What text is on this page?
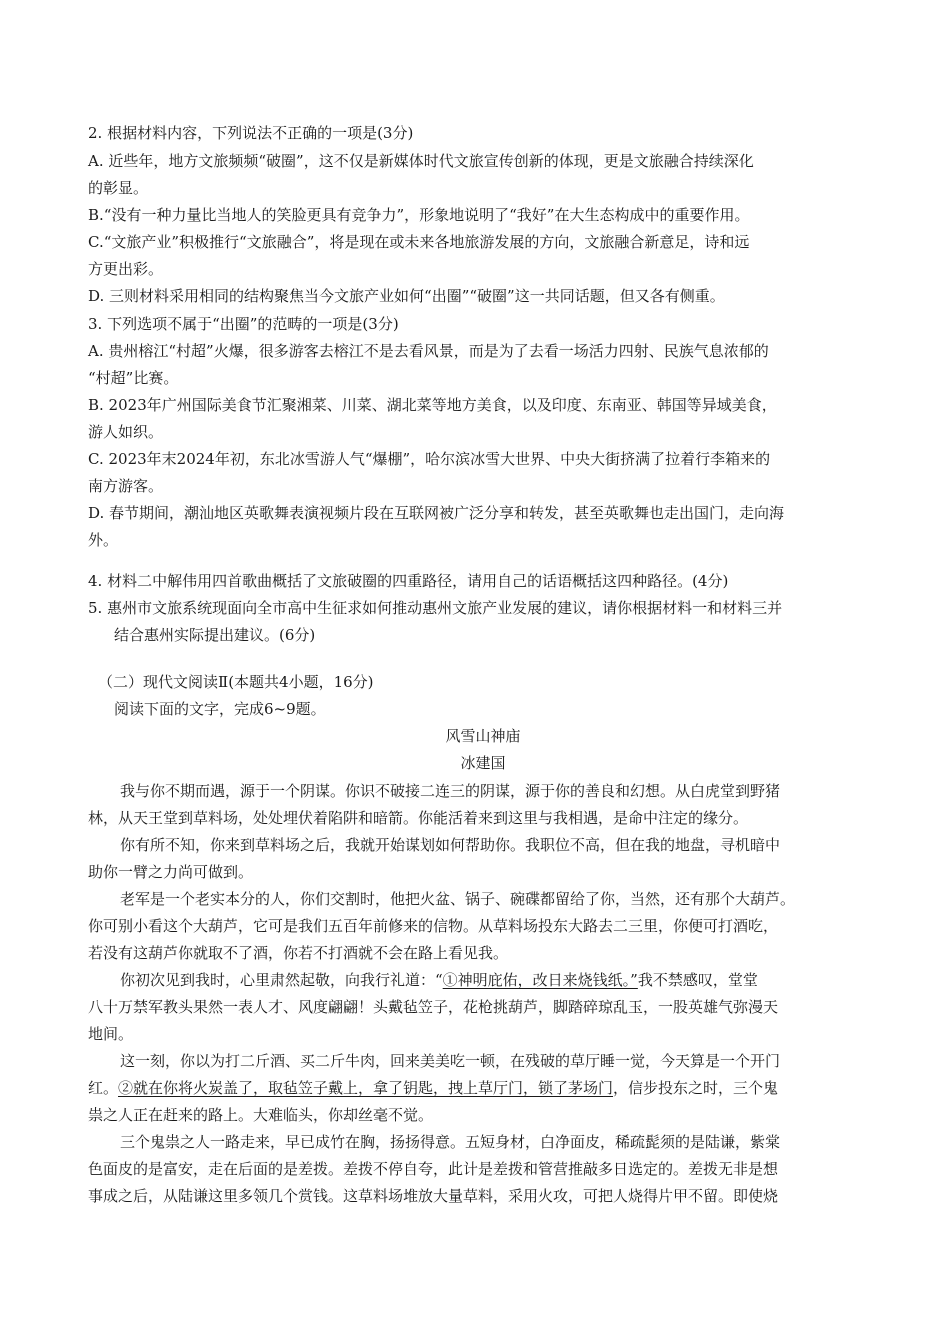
2. 根据材料内容，下列说法不正确的一项是(3分)
A. 近些年，地方文旅频频“破圈”，这不仅是新媒体时代文旅宣传创新的体现，更是文旅融合持续深化
的彰显。
B.“没有一种力量比当地人的笑脸更具有竞争力”，形象地说明了“我好”在大生态构成中的重要作用。
C.“文旅产业”积极推行“文旅融合”，将是现在或未来各地旅游发展的方向，文旅融合新意足，诗和远
方更出彩。
D. 三则材料采用相同的结构聚焦当今文旅产业如何“出圈”“破圈”这一共同话题，但又各有侧重。
3. 下列选项不属于“出圈”的范畴的一项是(3分)
A. 贵州榕江“村超”火爆，很多游客去榕江不是去看风景，而是为了去看一场活力四射、民族气息浓郁的
“村超”比赛。
B. 2023年广州国际美食节汇聚湘菜、川菜、湖北菜等地方美食，以及印度、东南亚、韩国等异域美食，
游人如织。
C. 2023年末2024年初，东北冰雪游人气“爆棚”，哈尔滨冰雪大世界、中央大街挤满了拉着行李箱来的
南方游客。
D. 春节期间，潮汕地区英歌舞表演视频片段在互联网被广泛分享和转发，甚至英歌舞也走出国门，走向海
外。
4. 材料二中解伟用四首歌曲概括了文旅破圈的四重路径，请用自己的话语概括这四种路径。(4分)
5. 惠州市文旅系统现面向全市高中生征求如何推动惠州文旅产业发展的建议，请你根据材料一和材料三并
结合惠州实际提出建议。(6分)
（二）现代文阅读Ⅱ(本题共4小题，16分)
阅读下面的文字，完成6~9题。
风雪山神庙
冰建国
我与你不期而遇，源于一个阴谋。你识不破接二连三的阴谋，源于你的善良和幻想。从白虎堂到野猪
林，从天王堂到草料场，处处埋伏着陷阱和暗箭。你能活着来到这里与我相遇，是命中注定的缘分。
你有所不知，你来到草料场之后，我就开始谋划如何帮助你。我职位不高，但在我的地盘，寻机暗中
助你一臂之力尚可做到。
老军是一个老实本分的人，你们交割时，他把火盆、锅子、碗碟都留给了你，当然，还有那个大葫芦。
你可别小看这个大葫芦，它可是我们五百年前修来的信物。从草料场投东大路去二三里，你便可打酒吃，
若没有这葫芦你就取不了酒，你若不打酒就不会在路上看见我。
你初次见到我时，心里肃然起敬，向我行礼道：“①神明庇佑，改日来烧钱纸。”我不禁感叹，堂堂
八十万禁军教头果然一表人才、风度翩翩！头戴毡笠子，花枪挑葫芦，脚踏碎琼乱玉，一股英雄气弥漫天
地间。
这一刻，你以为打二斤酒、买二斤牛肉，回来美美吃一顿，在残破的草厅睡一觉，今天算是一个开门
红。②就在你将火炭盖了，取毡笠子戴上，拿了钥匙，拽上草厅门，锁了茅场门，信步投东之时，三个鬼
祟之人正在赶来的路上。大难临头，你却丝毫不觉。
三个鬼祟之人一路走来，早已成竹在胸，扬扬得意。五短身材，白净面皮，稀疏髭须的是陆谦，紫棠
色面皮的是富安，走在后面的是差拨。差拨不停自夸，此计是差拨和管营推敲多日选定的。差拨无非是想
事成之后，从陆谦这里多领几个赏钱。这草料场堆放大量草料，采用火攻，可把人烧得片甲不留。即使烧
